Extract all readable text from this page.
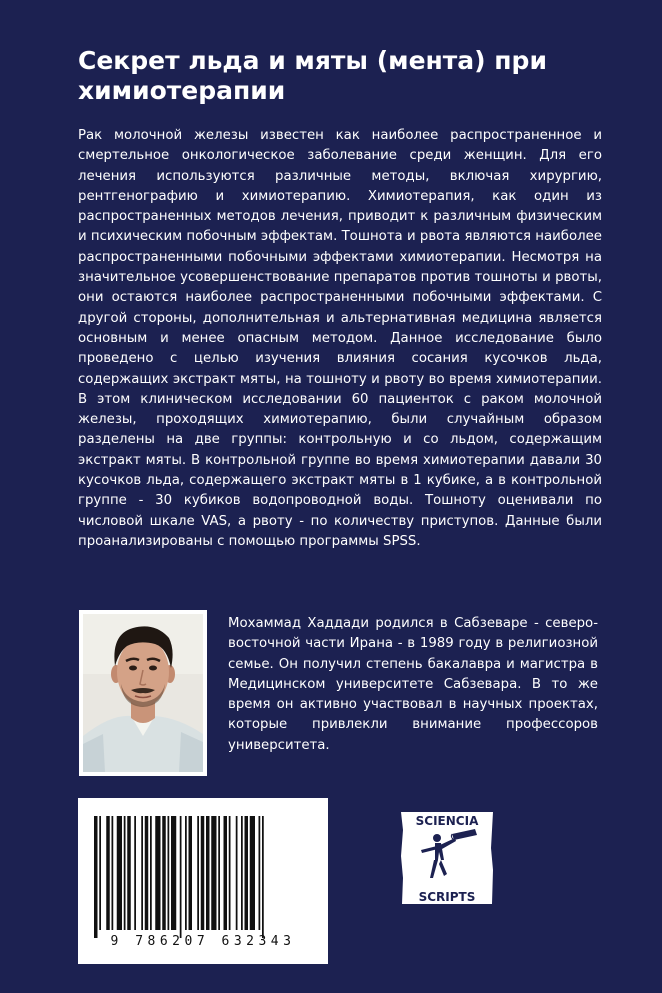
Секрет льда и мяты (мента) при химиотерапии

Рак молочной железы известен как наиболее распространенное и смертельное онкологическое заболевание среди женщин. Для его лечения используются различные методы, включая хирургию, рентгенографию и химиотерапию. Химиотерапия, как один из распространенных методов лечения, приводит к различным физическим и психическим побочным эффектам. Тошнота и рвота являются наиболее распространенными побочными эффектами химиотерапии. Несмотря на значительное усовершенствование препаратов против тошноты и рвоты, они остаются наиболее распространенными побочными эффектами. С другой стороны, дополнительная и альтернативная медицина является основным и менее опасным методом. Данное исследование было проведено с целью изучения влияния сосания кусочков льда, содержащих экстракт мяты, на тошноту и рвоту во время химиотерапии. В этом клиническом исследовании 60 пациенток с раком молочной железы, проходящих химиотерапию, были случайным образом разделены на две группы: контрольную и со льдом, содержащим экстракт мяты. В контрольной группе во время химиотерапии давали 30 кусочков льда, содержащего экстракт мяты в 1 кубике, а в контрольной группе - 30 кубиков водопроводной воды. Тошноту оценивали по числовой шкале VAS, а рвоту - по количеству приступов. Данные были проанализированы с помощью программы SPSS.

Мохаммад Хаддади родился в Сабзеваре - северо-восточной части Ирана - в 1989 году в религиозной семье. Он получил степень бакалавра и магистра в Медицинском университете Сабзевара. В то же время он активно участвовал в научных проектах, которые привлекли внимание профессоров университета.

9 786207 632343
SCIENCIA
SCRIPTS
